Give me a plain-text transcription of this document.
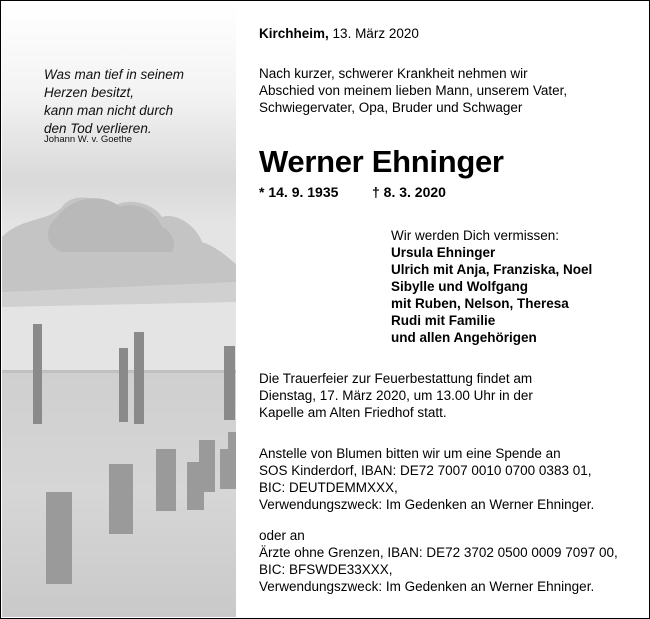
Was man tief in seinem
Herzen besitzt,
kann man nicht durch
den Tod verlieren.
Johann W. v. Goethe
Kirchheim, 13. März 2020
Nach kurzer, schwerer Krankheit nehmen wir
Abschied von meinem lieben Mann, unserem Vater,
Schwiegervater, Opa, Bruder und Schwager
Werner Ehninger
* 14. 9. 1935 † 8. 3. 2020
Wir werden Dich vermissen:
Ursula Ehninger
Ulrich mit Anja, Franziska, Noel
Sibylle und Wolfgang
mit Ruben, Nelson, Theresa
Rudi mit Familie
und allen Angehörigen
Die Trauerfeier zur Feuerbestattung findet am
Dienstag, 17. März 2020, um 13.00 Uhr in der
Kapelle am Alten Friedhof statt.
Anstelle von Blumen bitten wir um eine Spende an
SOS Kinderdorf, IBAN: DE72 7007 0010 0700 0383 01,
BIC: DEUTDEMMXXX,
Verwendungszweck: Im Gedenken an Werner Ehninger.
oder an
Ärzte ohne Grenzen, IBAN: DE72 3702 0500 0009 7097 00,
BIC: BFSWDE33XXX,
Verwendungszweck: Im Gedenken an Werner Ehninger.
